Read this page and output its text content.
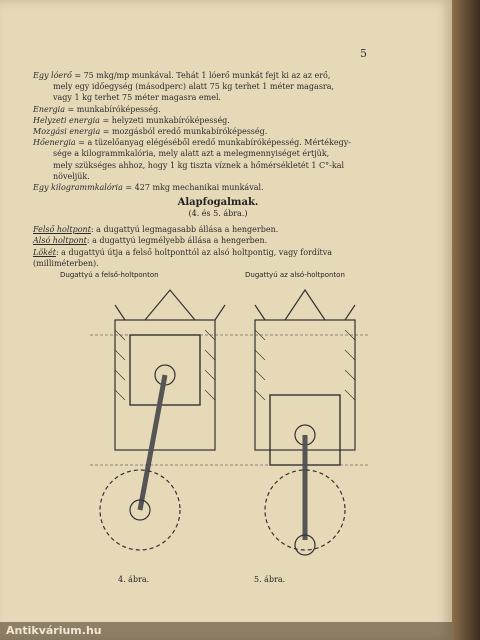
5

Egy lóerő = 75 mkg/mp munkával. Tehát 1 lóerő munkát fejt ki az az erő,
mely egy időegység (másodperc) alatt 75 kg terhet 1 méter magasra,
vagy 1 kg terhet 75 méter magasra emel.

Energia = munkabíróképesség.

Helyzeti energia = helyzeti munkabíróképesség.

Mozgási energia = mozgásból eredő munkabíróképesség.

Hőenergia = a tüzelőanyag elégéséből eredő munkabíróképesség. Mértékegy-
sége a kilogrammkalória, mely alatt azt a melegmennyiséget értjük,
mely szükséges ahhoz, hogy 1 kg tiszta víznek a hőmérsékletét 1 C°-kal
növeljük.

Egy kilogrammkalória = 427 mkg mechanikai munkával.

Alapfogalmak.
(4. és 5. ábra.)

Felső holtpont: a dugattyú legmagasabb állása a hengerben.

Alsó holtpont: a dugattyú legmélyebb állása a hengerben.

Lökét: a dugattyú útja a felső holtponttól az alsó holtpontig, vagy fordítva
(milliméterben).

Dugattyú a felső-holtponton	Dugattyú az alsó-holtponton
4. ábra.	5. ábra.
Antikvárium.hu
